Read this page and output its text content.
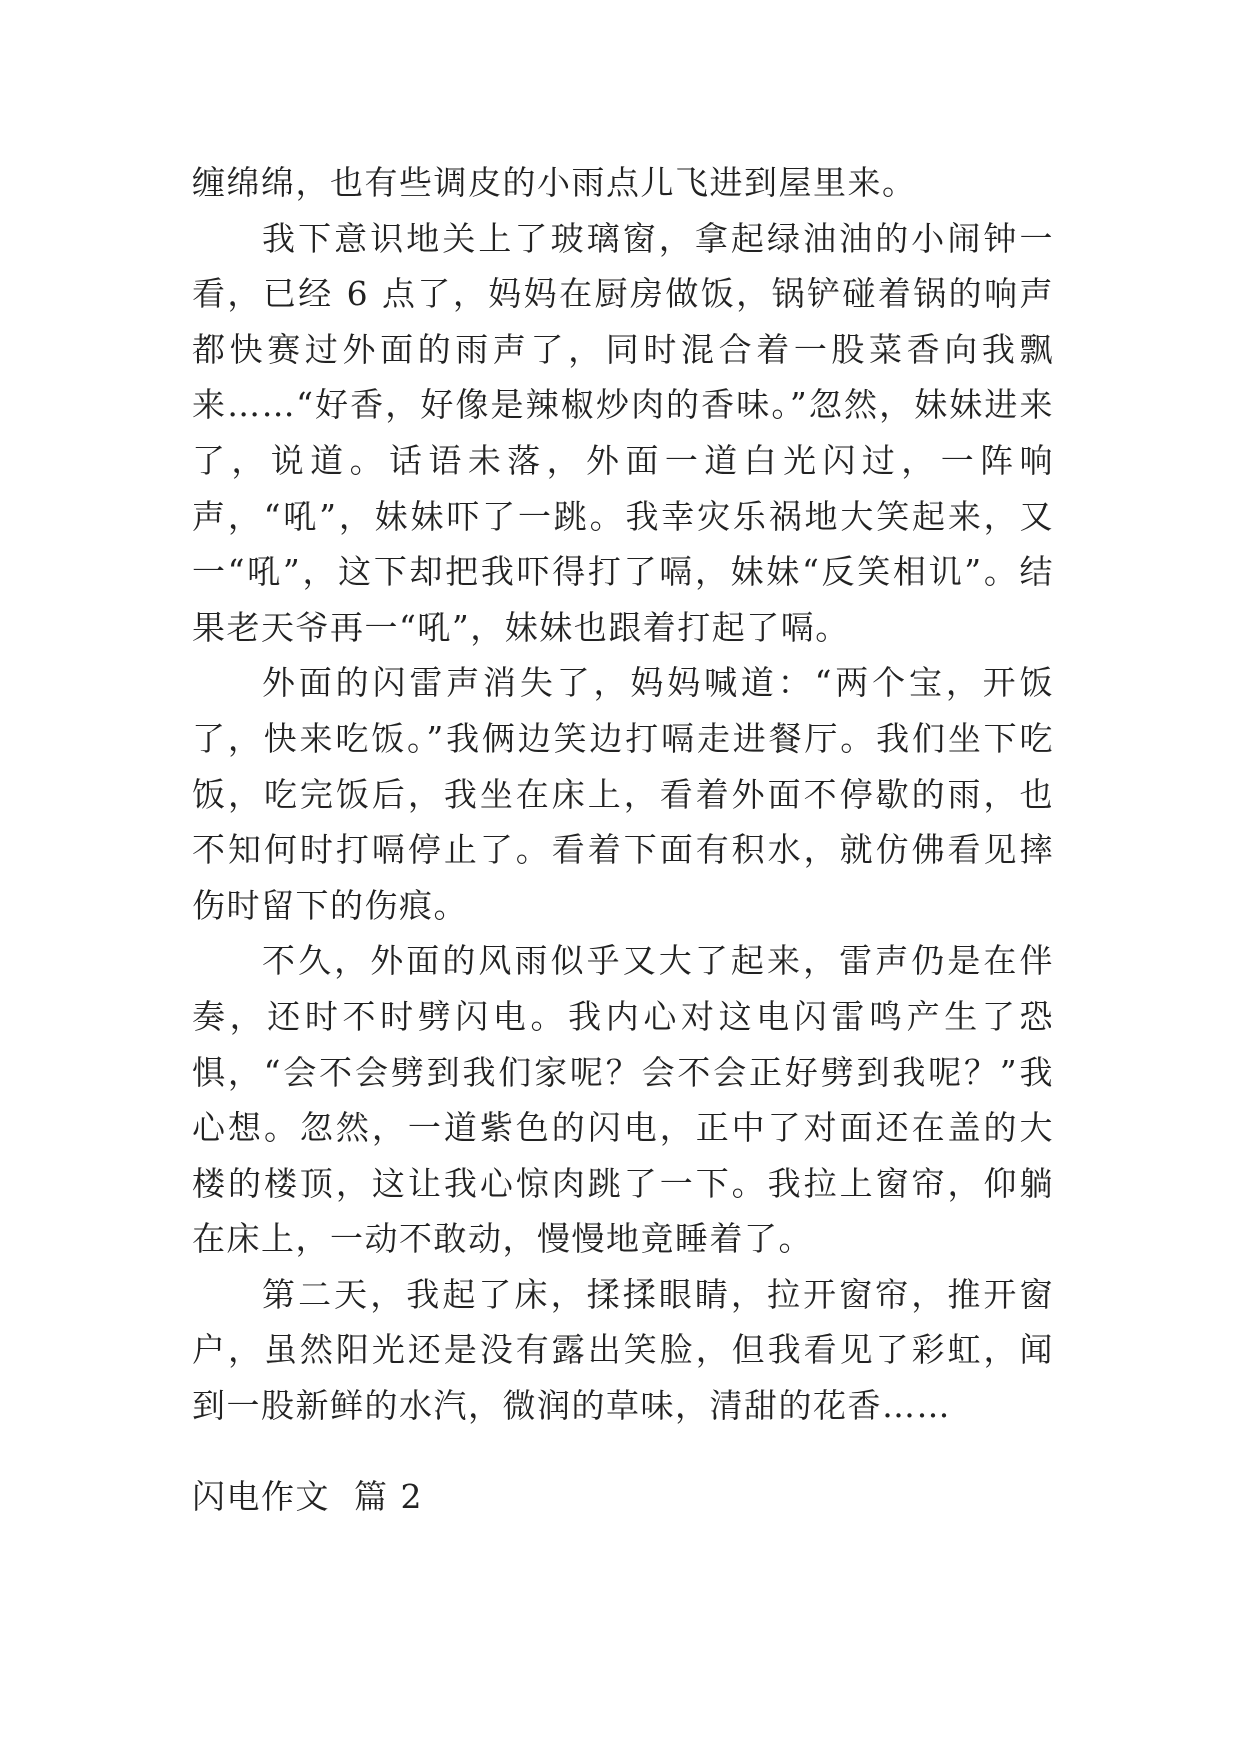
缠绵绵，也有些调皮的小雨点儿飞进到屋里来。

我下意识地关上了玻璃窗，拿起绿油油的小闹钟一看，已经 6 点了，妈妈在厨房做饭，锅铲碰着锅的响声都快赛过外面的雨声了，同时混合着一股菜香向我飘来……“好香，好像是辣椒炒肉的香味。”忽然，妹妹进来了，说道。话语未落，外面一道白光闪过，一阵响声，“吼”，妹妹吓了一跳。我幸灾乐祸地大笑起来，又一“吼”，这下却把我吓得打了嗝，妹妹“反笑相讥”。结果老天爷再一“吼”，妹妹也跟着打起了嗝。

外面的闪雷声消失了，妈妈喊道：“两个宝，开饭了，快来吃饭。”我俩边笑边打嗝走进餐厅。我们坐下吃饭，吃完饭后，我坐在床上，看着外面不停歇的雨，也不知何时打嗝停止了。看着下面有积水，就仿佛看见摔伤时留下的伤痕。

不久，外面的风雨似乎又大了起来，雷声仍是在伴奏，还时不时劈闪电。我内心对这电闪雷鸣产生了恐惧，“会不会劈到我们家呢？会不会正好劈到我呢？”我心想。忽然，一道紫色的闪电，正中了对面还在盖的大楼的楼顶，这让我心惊肉跳了一下。我拉上窗帘，仰躺在床上，一动不敢动，慢慢地竟睡着了。

第二天，我起了床，揉揉眼睛，拉开窗帘，推开窗户，虽然阳光还是没有露出笑脸，但我看见了彩虹，闻到一股新鲜的水汽，微润的草味，清甜的花香……

闪电作文  篇 2
